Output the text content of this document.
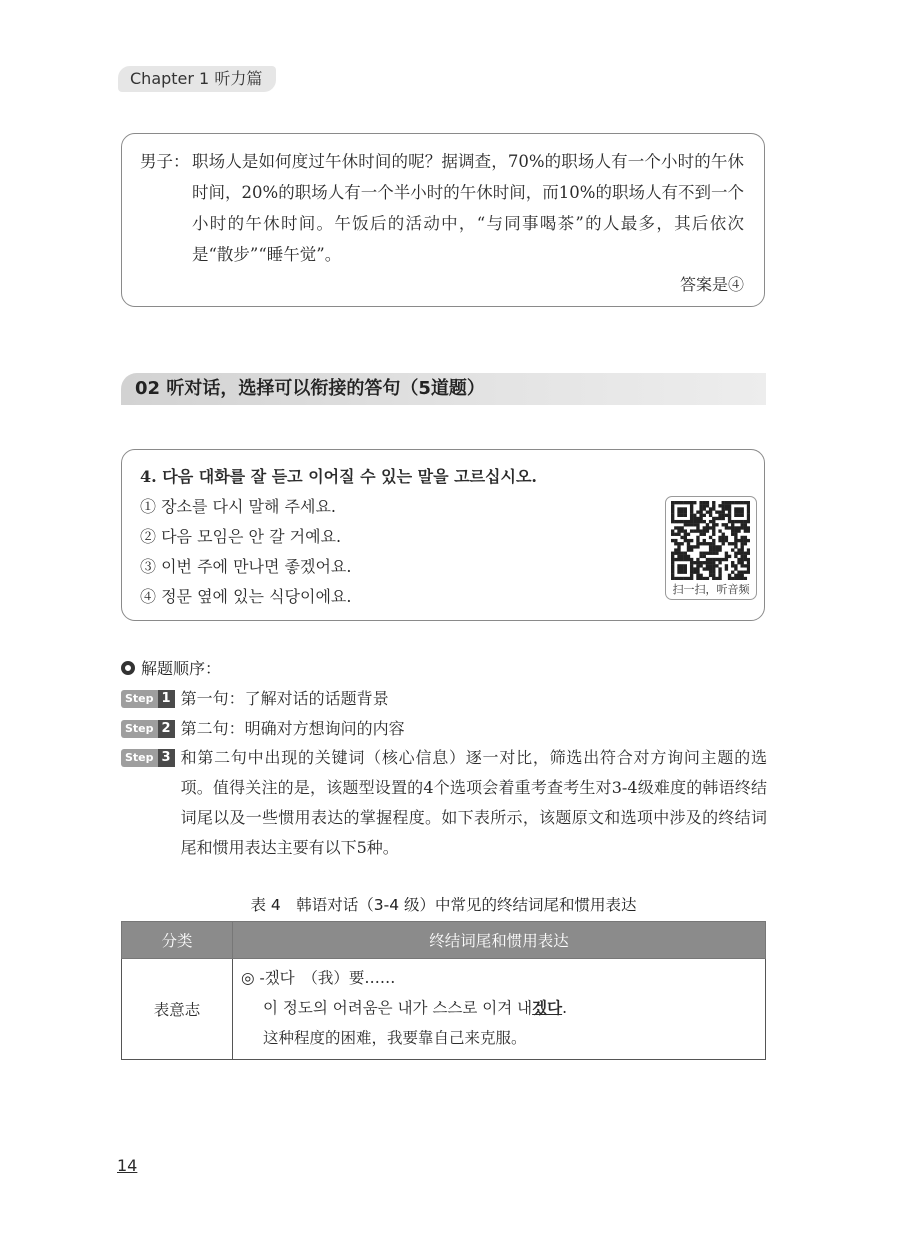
Chapter 1 听力篇
男子： 职场人是如何度过午休时间的呢？据调查，70%的职场人有一个小时的午休时间，20%的职场人有一个半小时的午休时间，而10%的职场人有不到一个小时的午休时间。午饭后的活动中，“与同事喝茶”的人最多，其后依次是“散步”“睡午觉”。
答案是④
02 听对话，选择可以衔接的答句（5道题）
4. 다음 대화를 잘 듣고 이어질 수 있는 말을 고르십시오.
① 장소를 다시 말해 주세요.
② 다음 모임은 안 갈 거예요.
③ 이번 주에 만나면 좋겠어요.
④ 정문 옆에 있는 식당이에요.	扫一扫，听音频
解题顺序：
Step 1 第一句：了解对话的话题背景
Step 2 第二句：明确对方想询问的内容
Step 3 和第二句中出现的关键词（核心信息）逐一对比，筛选出符合对方询问主题的选项。值得关注的是，该题型设置的4个选项会着重考查考生对3-4级难度的韩语终结词尾以及一些惯用表达的掌握程度。如下表所示，该题原文和选项中涉及的终结词尾和惯用表达主要有以下5种。
表 4　韩语对话（3-4 级）中常见的终结词尾和惯用表达
分类	终结词尾和惯用表达
表意志	◎ -겠다　（我）要……
이 정도의 어려움은 내가 스스로 이겨 내겠다.
这种程度的困难，我要靠自己来克服。
14
